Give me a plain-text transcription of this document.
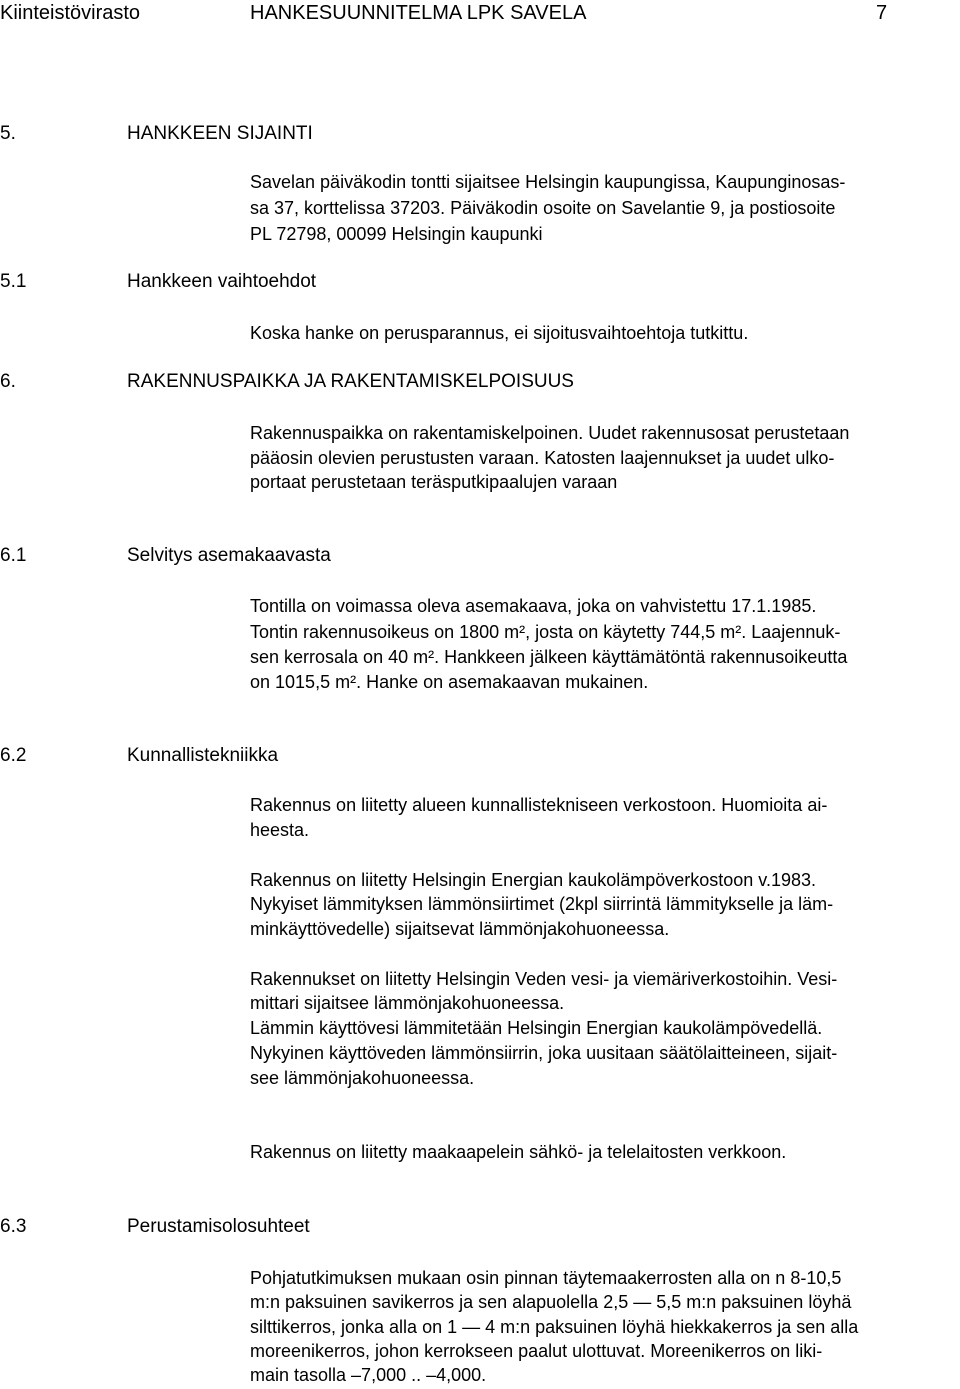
Kiinteistövirasto	HANKESUUNNITELMA LPK SAVELA	7
5.	HANKKEEN SIJAINTI
Savelan päiväkodin tontti sijaitsee Helsingin kaupungissa, Kaupunginosas-
sa 37, korttelissa 37203. Päiväkodin osoite on Savelantie 9, ja postiosoite
PL 72798, 00099 Helsingin kaupunki
5.1	Hankkeen vaihtoehdot
Koska hanke on perusparannus, ei sijoitusvaihtoehtoja tutkittu.
6.	RAKENNUSPAIKKA JA RAKENTAMISKELPOISUUS
Rakennuspaikka on rakentamiskelpoinen. Uudet rakennusosat perustetaan
pääosin olevien perustusten varaan. Katosten laajennukset ja uudet ulko-
portaat perustetaan teräsputkipaalujen varaan
6.1	Selvitys asemakaavasta
Tontilla on voimassa oleva asemakaava, joka on vahvistettu 17.1.1985.
Tontin rakennusoikeus on 1800 m², josta on käytetty 744,5 m². Laajennuk-
sen kerrosala on 40 m². Hankkeen jälkeen käyttämätöntä rakennusoikeutta
on 1015,5 m². Hanke on asemakaavan mukainen.
6.2	Kunnallistekniikka
Rakennus on liitetty alueen kunnallistekniseen verkostoon. Huomioita ai-
heesta.
Rakennus on liitetty Helsingin Energian kaukolämpöverkostoon v.1983.
Nykyiset lämmityksen lämmönsiirtimet (2kpl siirrintä lämmitykselle ja läm-
minkäyttövedelle) sijaitsevat lämmönjakohuoneessa.
Rakennukset on liitetty Helsingin Veden vesi- ja viemäriverkostoihin. Vesi-
mittari sijaitsee lämmönjakohuoneessa.
Lämmin käyttövesi lämmitetään Helsingin Energian kaukolämpövedellä.
Nykyinen käyttöveden lämmönsiirrin, joka uusitaan säätölaitteineen, sijait-
see lämmönjakohuoneessa.
Rakennus on liitetty maakaapelein sähkö- ja telelaitosten verkkoon.
6.3	Perustamisolosuhteet
Pohjatutkimuksen mukaan osin pinnan täytemaakerrosten alla on n 8-10,5
m:n paksuinen savikerros ja sen alapuolella 2,5 — 5,5 m:n paksuinen löyhä
silttikerros, jonka alla on 1 — 4 m:n paksuinen löyhä hiekkakerros ja sen alla
moreenikerros, johon kerrokseen paalut ulottuvat. Moreenikerros on liki-
main tasolla –7,000 .. –4,000.
